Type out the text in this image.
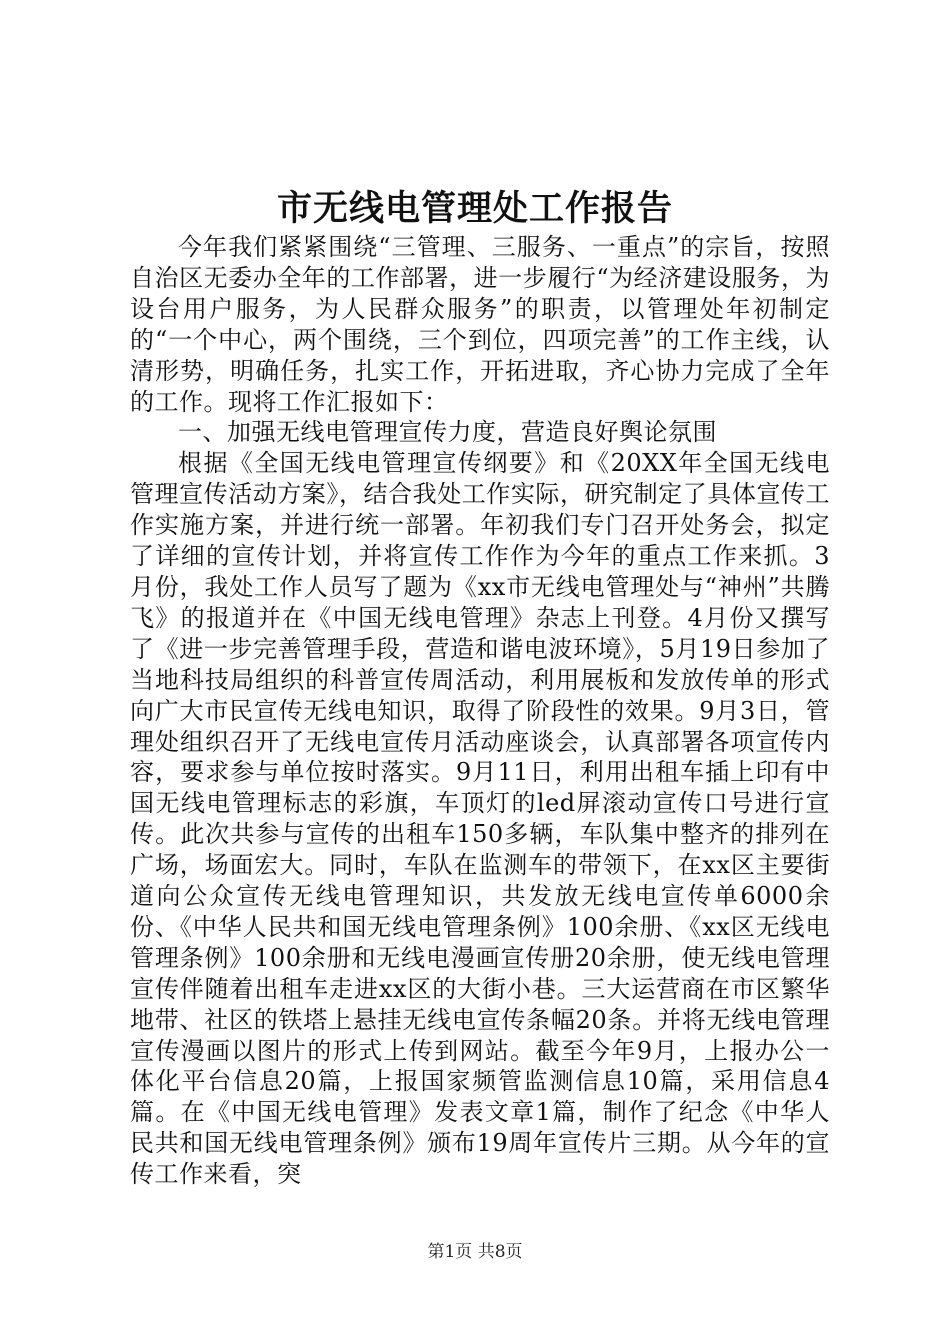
市无线电管理处工作报告

今年我们紧紧围绕“三管理、三服务、一重点”的宗旨，按照自治区无委办全年的工作部署，进一步履行“为经济建设服务，为设台用户服务，为人民群众服务”的职责，以管理处年初制定的“一个中心，两个围绕，三个到位，四项完善”的工作主线，认清形势，明确任务，扎实工作，开拓进取，齐心协力完成了全年的工作。现将工作汇报如下：

一、加强无线电管理宣传力度，营造良好舆论氛围

根据《全国无线电管理宣传纲要》和《20XX年全国无线电管理宣传活动方案》，结合我处工作实际，研究制定了具体宣传工作实施方案，并进行统一部署。年初我们专门召开处务会，拟定了详细的宣传计划，并将宣传工作作为今年的重点工作来抓。3月份，我处工作人员写了题为《xx市无线电管理处与“神州”共腾飞》的报道并在《中国无线电管理》杂志上刊登。4月份又撰写了《进一步完善管理手段，营造和谐电波环境》，5月19日参加了当地科技局组织的科普宣传周活动，利用展板和发放传单的形式向广大市民宣传无线电知识，取得了阶段性的效果。9月3日，管理处组织召开了无线电宣传月活动座谈会，认真部署各项宣传内容，要求参与单位按时落实。9月11日，利用出租车插上印有中国无线电管理标志的彩旗，车顶灯的led屏滚动宣传口号进行宣传。此次共参与宣传的出租车150多辆，车队集中整齐的排列在广场，场面宏大。同时，车队在监测车的带领下，在xx区主要街道向公众宣传无线电管理知识，共发放无线电宣传单6000余份、《中华人民共和国无线电管理条例》100余册、《xx区无线电管理条例》100余册和无线电漫画宣传册20余册，使无线电管理宣传伴随着出租车走进xx区的大街小巷。三大运营商在市区繁华地带、社区的铁塔上悬挂无线电宣传条幅20条。并将无线电管理宣传漫画以图片的形式上传到网站。截至今年9月，上报办公一体化平台信息20篇，上报国家频管监测信息10篇，采用信息4篇。在《中国无线电管理》发表文章1篇，制作了纪念《中华人民共和国无线电管理条例》颁布19周年宣传片三期。从今年的宣传工作来看，突

第1页 共8页
